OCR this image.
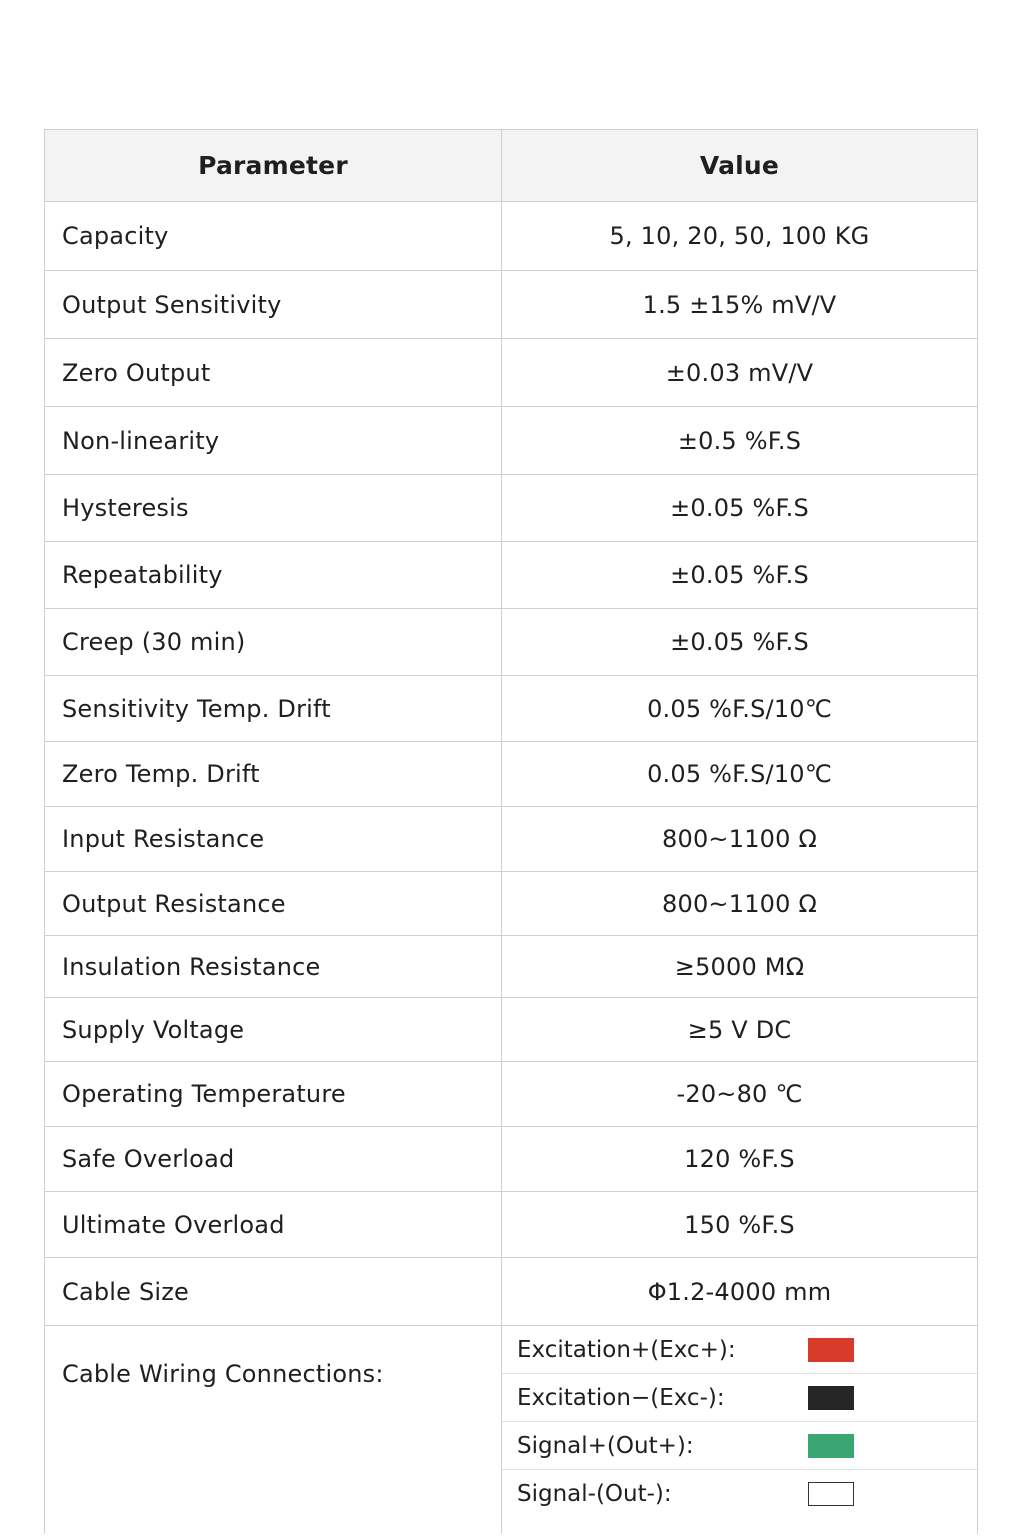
Parameter	Value
Capacity	5, 10, 20, 50, 100 KG
Output Sensitivity	1.5 ±15% mV/V
Zero Output	±0.03 mV/V
Non-linearity	±0.5 %F.S
Hysteresis	±0.05 %F.S
Repeatability	±0.05 %F.S
Creep (30 min)	±0.05 %F.S
Sensitivity Temp. Drift	0.05 %F.S/10℃
Zero Temp. Drift	0.05 %F.S/10℃
Input Resistance	800~1100 Ω
Output Resistance	800~1100 Ω
Insulation Resistance	≥5000 MΩ
Supply Voltage	≥5 V DC
Operating Temperature	-20~80 ℃
Safe Overload	120 %F.S
Ultimate Overload	150 %F.S
Cable Size	Φ1.2-4000 mm
Cable Wiring Connections:
Excitation+(Exc+):
Excitation−(Exc-):
Signal+(Out+):
Signal-(Out-):
